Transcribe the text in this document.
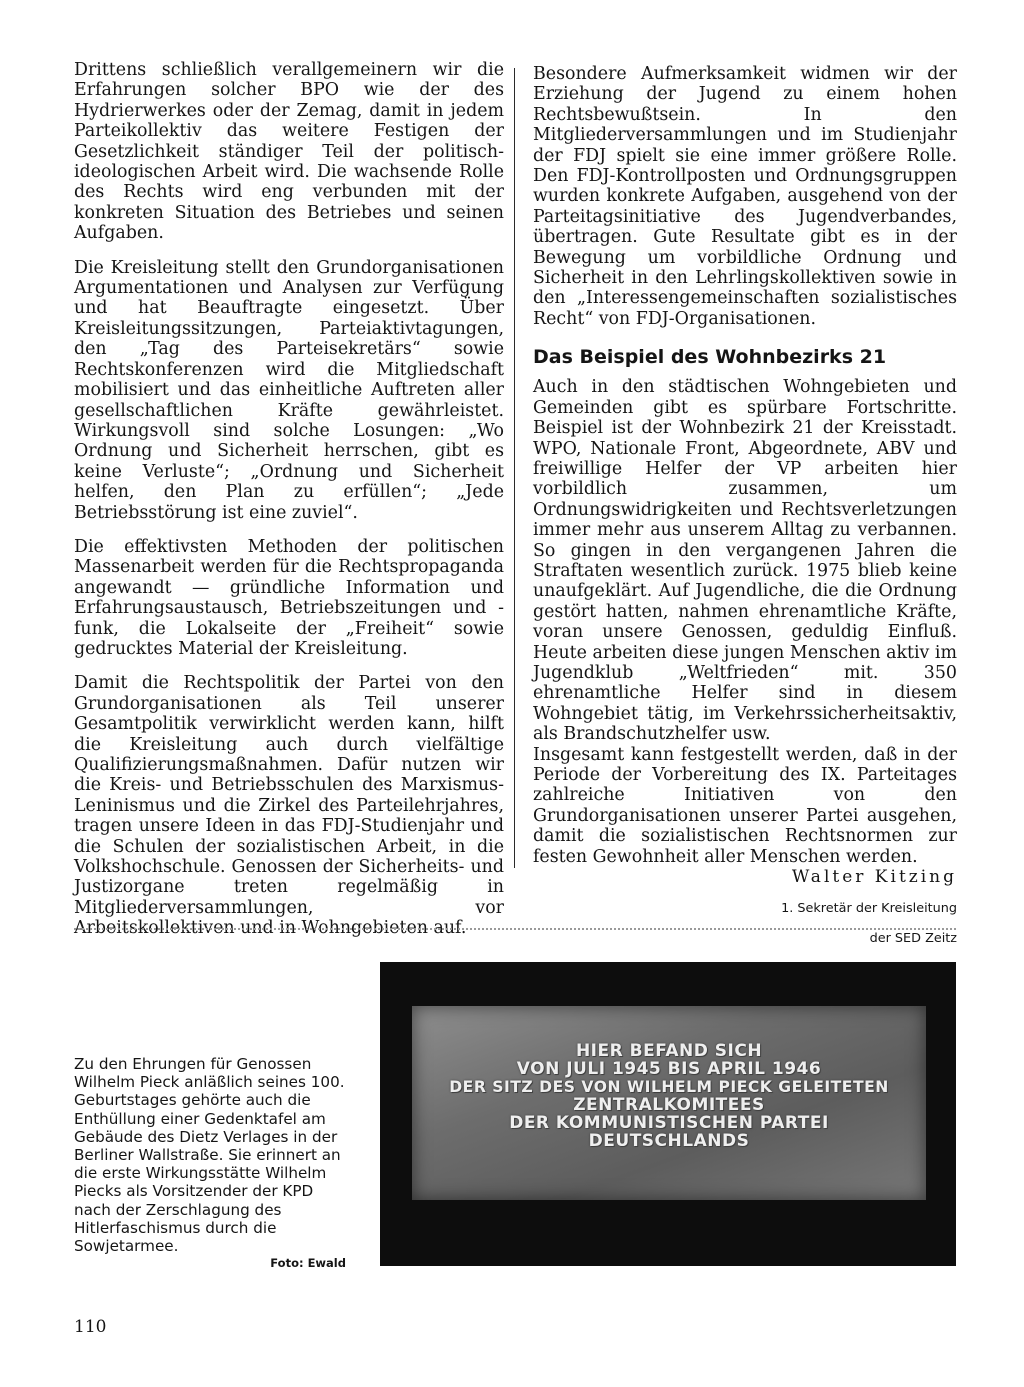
Drittens schließlich verallgemeinern wir die Erfahrungen solcher BPO wie der des Hydrierwerkes oder der Zemag, damit in jedem Parteikollektiv das weitere Festigen der Gesetzlichkeit ständiger Teil der politisch-ideologischen Arbeit wird. Die wachsende Rolle des Rechts wird eng verbunden mit der konkreten Situation des Betriebes und seinen Aufgaben.

Die Kreisleitung stellt den Grundorganisationen Argumentationen und Analysen zur Verfügung und hat Beauftragte eingesetzt. Über Kreisleitungssitzungen, Parteiaktivtagungen, den „Tag des Parteisekretärs“ sowie Rechtskonferenzen wird die Mitgliedschaft mobilisiert und das einheitliche Auftreten aller gesellschaftlichen Kräfte gewährleistet. Wirkungsvoll sind solche Losungen: „Wo Ordnung und Sicherheit herrschen, gibt es keine Verluste“; „Ordnung und Sicherheit helfen, den Plan zu erfüllen“; „Jede Betriebsstörung ist eine zuviel“.

Die effektivsten Methoden der politischen Massenarbeit werden für die Rechtspropaganda angewandt — gründliche Information und Erfahrungsaustausch, Betriebszeitungen und -funk, die Lokalseite der „Freiheit“ sowie gedrucktes Material der Kreisleitung.

Damit die Rechtspolitik der Partei von den Grundorganisationen als Teil unserer Gesamtpolitik verwirklicht werden kann, hilft die Kreisleitung auch durch vielfältige Qualifizierungsmaßnahmen. Dafür nutzen wir die Kreis- und Betriebsschulen des Marxismus-Leninismus und die Zirkel des Parteilehrjahres, tragen unsere Ideen in das FDJ-Studienjahr und die Schulen der sozialistischen Arbeit, in die Volkshochschule. Genossen der Sicherheits- und Justizorgane treten regelmäßig in Mitgliederversammlungen, vor Arbeitskollektiven und in Wohngebieten auf.

Besondere Aufmerksamkeit widmen wir der Erziehung der Jugend zu einem hohen Rechtsbewußtsein. In den Mitgliederversammlungen und im Studienjahr der FDJ spielt sie eine immer größere Rolle. Den FDJ-Kontrollposten und Ordnungsgruppen wurden konkrete Aufgaben, ausgehend von der Parteitagsinitiative des Jugendverbandes, übertragen. Gute Resultate gibt es in der Bewegung um vorbildliche Ordnung und Sicherheit in den Lehrlingskollektiven sowie in den „Interessengemeinschaften sozialistisches Recht“ von FDJ-Organisationen.

Das Beispiel des Wohnbezirks 21

Auch in den städtischen Wohngebieten und Gemeinden gibt es spürbare Fortschritte. Beispiel ist der Wohnbezirk 21 der Kreisstadt. WPO, Nationale Front, Abgeordnete, ABV und freiwillige Helfer der VP arbeiten hier vorbildlich zusammen, um Ordnungswidrigkeiten und Rechtsverletzungen immer mehr aus unserem Alltag zu verbannen. So gingen in den vergangenen Jahren die Straftaten wesentlich zurück. 1975 blieb keine unaufgeklärt. Auf Jugendliche, die die Ordnung gestört hatten, nahmen ehrenamtliche Kräfte, voran unsere Genossen, geduldig Einfluß. Heute arbeiten diese jungen Menschen aktiv im Jugendklub „Weltfrieden“ mit. 350 ehrenamtliche Helfer sind in diesem Wohngebiet tätig, im Verkehrssicherheitsaktiv, als Brandschutzhelfer usw.

Insgesamt kann festgestellt werden, daß in der Periode der Vorbereitung des IX. Parteitages zahlreiche Initiativen von den Grundorganisationen unserer Partei ausgehen, damit die sozialistischen Rechtsnormen zur festen Gewohnheit aller Menschen werden.

Walter Kitzing

1. Sekretär der Kreisleitung

der SED Zeitz

Zu den Ehrungen für Genossen Wilhelm Pieck anläßlich seines 100. Geburtstages gehörte auch die Enthüllung einer Gedenktafel am Gebäude des Dietz Verlages in der Berliner Wallstraße. Sie erinnert an die erste Wirkungsstätte Wilhelm Piecks als Vorsitzender der KPD nach der Zerschlagung des Hitlerfaschismus durch die Sowjetarmee.

Foto: Ewald
HIER BEFAND SICH
VON JULI 1945 BIS APRIL 1946
DER SITZ DES VON WILHELM PIECK GELEITETEN
ZENTRALKOMITEES
DER KOMMUNISTISCHEN PARTEI
DEUTSCHLANDS
110
